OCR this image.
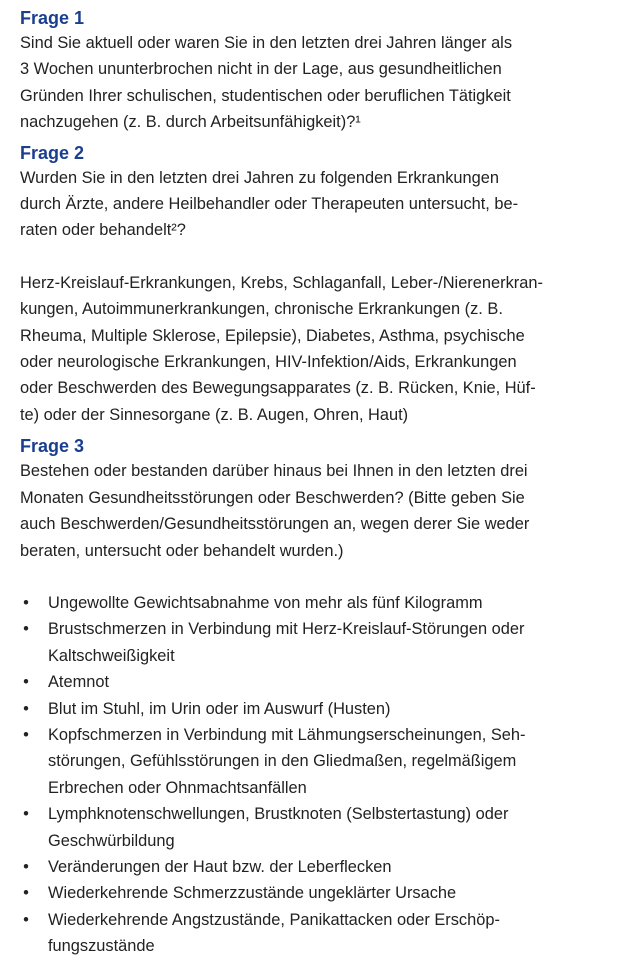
Frage 1

Sind Sie aktuell oder waren Sie in den letzten drei Jahren länger als
3 Wochen ununterbrochen nicht in der Lage, aus gesundheitlichen
Gründen Ihrer schulischen, studentischen oder beruflichen Tätigkeit
nachzugehen (z. B. durch Arbeitsunfähigkeit)?¹

Frage 2

Wurden Sie in den letzten drei Jahren zu folgenden Erkrankungen
durch Ärzte, andere Heilbehandler oder Therapeuten untersucht, be-
raten oder behandelt²?

Herz-Kreislauf-Erkrankungen, Krebs, Schlaganfall, Leber-/Nierenerkran-
kungen, Autoimmunerkrankungen, chronische Erkrankungen (z. B.
Rheuma, Multiple Sklerose, Epilepsie), Diabetes, Asthma, psychische
oder neurologische Erkrankungen, HIV-Infektion/Aids, Erkrankungen
oder Beschwerden des Bewegungsapparates (z. B. Rücken, Knie, Hüf-
te) oder der Sinnesorgane (z. B. Augen, Ohren, Haut)

Frage 3

Bestehen oder bestanden darüber hinaus bei Ihnen in den letzten drei
Monaten Gesundheitsstörungen oder Beschwerden? (Bitte geben Sie
auch Beschwerden/Gesundheitsstörungen an, wegen derer Sie weder
beraten, untersucht oder behandelt wurden.)

• Ungewollte Gewichtsabnahme von mehr als fünf Kilogramm
• Brustschmerzen in Verbindung mit Herz-Kreislauf-Störungen oder
Kaltschweißigkeit
• Atemnot
• Blut im Stuhl, im Urin oder im Auswurf (Husten)
• Kopfschmerzen in Verbindung mit Lähmungserscheinungen, Seh-
störungen, Gefühlsstörungen in den Gliedmaßen, regelmäßigem
Erbrechen oder Ohnmachtsanfällen
• Lymphknotenschwellungen, Brustknoten (Selbstertastung) oder
Geschwürbildung
• Veränderungen der Haut bzw. der Leberflecken
• Wiederkehrende Schmerzzustände ungeklärter Ursache
• Wiederkehrende Angstzustände, Panikattacken oder Erschöp-
fungszustände
